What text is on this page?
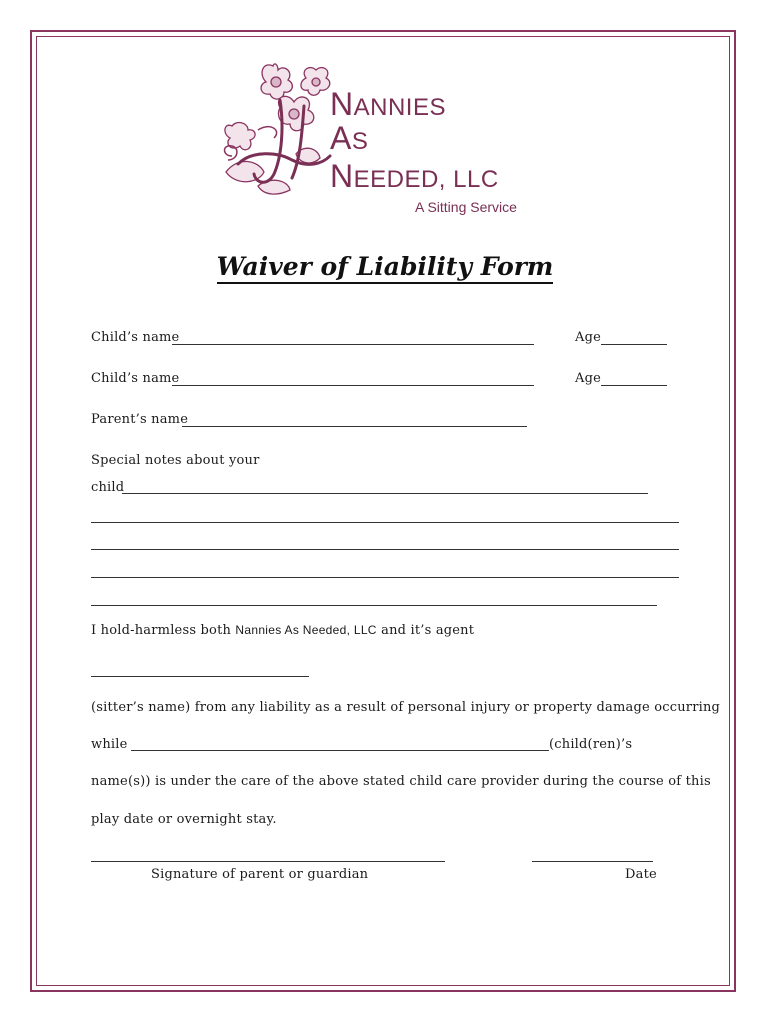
NANNIES
AS
NEEDED, LLC
A Sitting Service
Waiver of Liability Form
Child’s name	Age
Child’s name	Age
Parent’s name
Special notes about your
child
I hold-harmless both Nannies As Needed, LLC and it’s agent
(sitter’s name) from any liability as a result of personal injury or property damage occurring
while	(child(ren)’s
name(s)) is under the care of the above stated child care provider during the course of this
play date or overnight stay.
Signature of parent or guardian	Date
